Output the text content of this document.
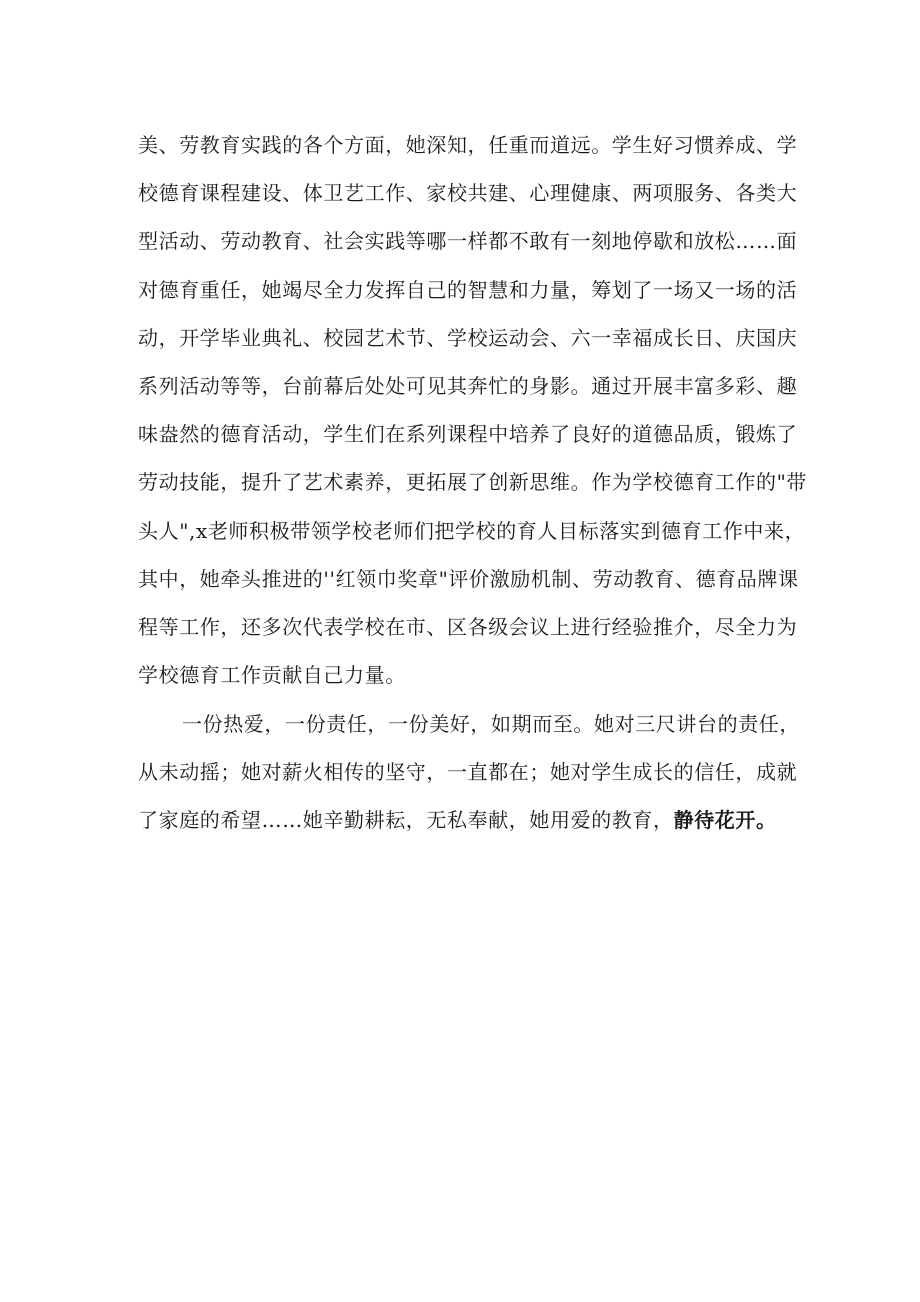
美、劳教育实践的各个方面，她深知，任重而道远。学生好习惯养成、学
校德育课程建设、体卫艺工作、家校共建、心理健康、两项服务、各类大
型活动、劳动教育、社会实践等哪一样都不敢有一刻地停歇和放松……面
对德育重任，她竭尽全力发挥自己的智慧和力量，筹划了一场又一场的活
动，开学毕业典礼、校园艺术节、学校运动会、六一幸福成长日、庆国庆
系列活动等等，台前幕后处处可见其奔忙的身影。通过开展丰富多彩、趣
味盎然的德育活动，学生们在系列课程中培养了良好的道德品质，锻炼了
劳动技能，提升了艺术素养，更拓展了创新思维。作为学校德育工作的"带
头人",x老师积极带领学校老师们把学校的育人目标落实到德育工作中来，
其中，她牵头推进的''红领巾奖章"评价激励机制、劳动教育、德育品牌课
程等工作，还多次代表学校在市、区各级会议上进行经验推介，尽全力为
学校德育工作贡献自己力量。
一份热爱，一份责任，一份美好，如期而至。她对三尺讲台的责任，
从未动摇；她对薪火相传的坚守，一直都在；她对学生成长的信任，成就
了家庭的希望……她辛勤耕耘，无私奉献，她用爱的教育，静待花开。
